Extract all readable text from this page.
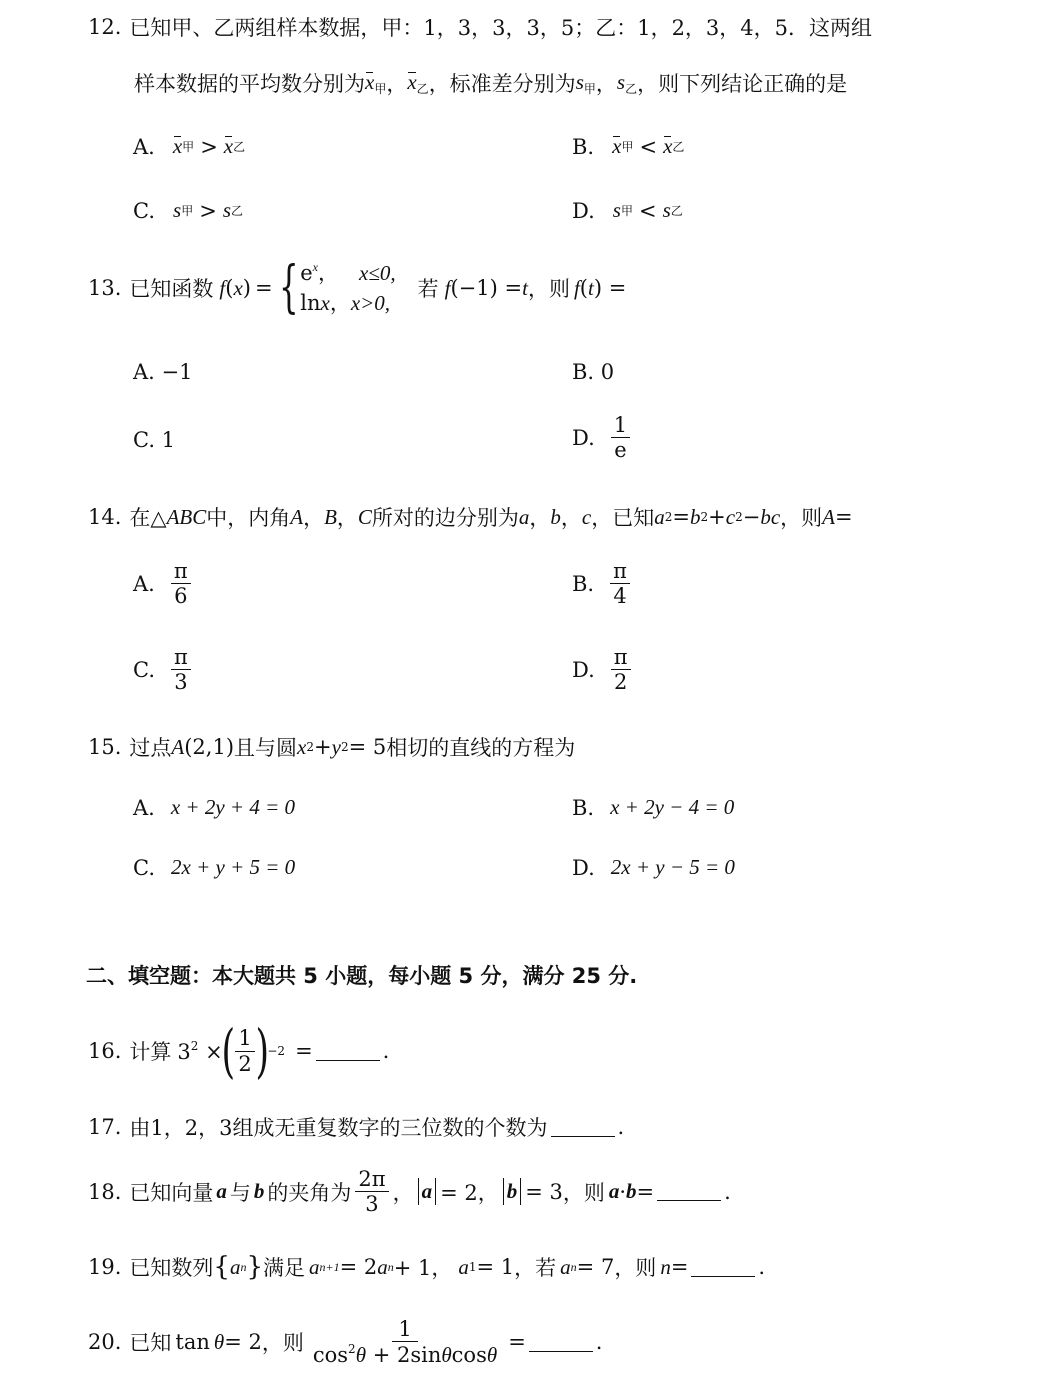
12. 已知甲、乙两组样本数据，甲：1，3，3，3，5；乙：1，2，3，4，5．这两组
样本数据的平均数分别为 $x_甲$ ， $x_乙$ ，标准差分别为 $s_甲$ ， $s_乙$ ，则下列结论正确的是
A. x 甲 > x 乙	B. x 甲 < x 乙
C. s 甲 > s 乙	D. s 甲 < s 乙
13. 已知函数 f ( x ) = { $e^x$，   x≤0,
lnx，x>0,
若 f (−1) = t ，则 f ( t ) =
A. −1	B. 0
C. 1	D. $\frac{1}{e}$
14. 在△ ABC 中，内角 A ， B ， C 所对的边分别为 a ， b ， c ，已知 a 2 = b 2 + c 2 − bc ，则 A =
A. $\frac{\pi}{6}$	B. $\frac{\pi}{4}$
C. $\frac{\pi}{3}$	D. $\frac{\pi}{2}$
15. 过点 A (2,1) 且与圆 x 2 + y 2 = 5 相切的直线的方程为
A. x + 2y + 4 = 0	B. x + 2y − 4 = 0
C. 2x + y + 5 = 0	D. 2x + y − 5 = 0
二、填空题：本大题共 5 小题，每小题 5 分，满分 25 分.
16. 计算 $3^2$ ×
( $\frac{1}{2}$ )
−2 =	.
17. 由1，2，3组成无重复数字的三位数的个数为	.
18. 已知向量 a 与 b 的夹角为 $\frac{2\pi}{3}$ ， a = 2， b = 3 ，则 a · b =	.
19. 已知数列 { a n } 满足 a n+1 = 2 a n + 1， a 1 = 1 ，若 a n = 7 ，则 n =	.
20. 已知 tan θ = 2 ，则 $\frac{1}{\cos^2\theta + 2\sin\theta\cos\theta}$ =	.
